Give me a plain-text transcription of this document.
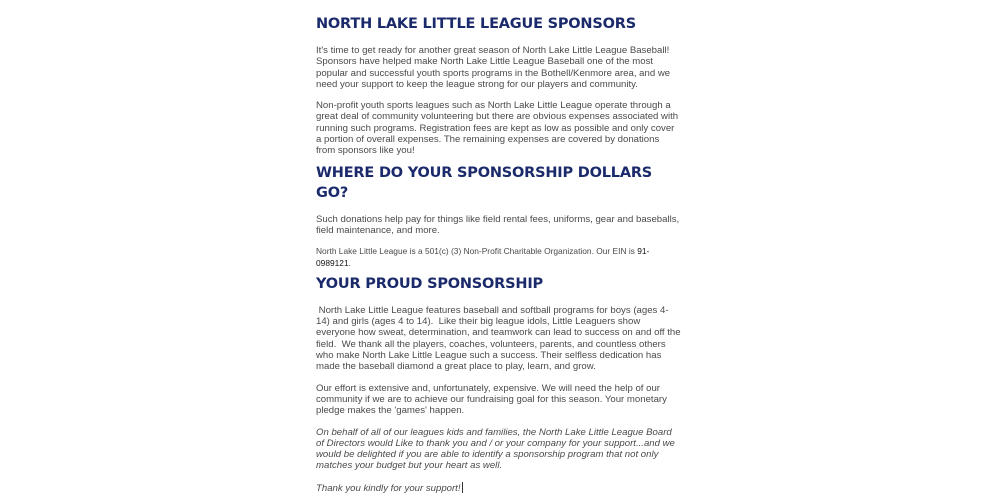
NORTH LAKE LITTLE LEAGUE SPONSORS

It's time to get ready for another great season of North Lake Little League Baseball! Sponsors have helped make North Lake Little League Baseball one of the most popular and successful youth sports programs in the Bothell/Kenmore area, and we need your support to keep the league strong for our players and community.

Non-profit youth sports leagues such as North Lake Little League operate through a great deal of community volunteering but there are obvious expenses associated with running such programs. Registration fees are kept as low as possible and only cover a portion of overall expenses. The remaining expenses are covered by donations from sponsors like you!

WHERE DO YOUR SPONSORSHIP DOLLARS GO?

Such donations help pay for things like field rental fees, uniforms, gear and baseballs, field maintenance, and more.

North Lake Little League is a 501(c) (3) Non-Profit Charitable Organization. Our EIN is 91-0989121.

YOUR PROUD SPONSORSHIP

North Lake Little League features baseball and softball programs for boys (ages 4-14) and girls (ages 4 to 14).  Like their big league idols, Little Leaguers show everyone how sweat, determination, and teamwork can lead to success on and off the field.  We thank all the players, coaches, volunteers, parents, and countless others who make North Lake Little League such a success. Their selfless dedication has made the baseball diamond a great place to play, learn, and grow.

Our effort is extensive and, unfortunately, expensive. We will need the help of our community if we are to achieve our fundraising goal for this season. Your monetary pledge makes the 'games' happen.

On behalf of all of our leagues kids and families, the North Lake Little League Board of Directors would Like to thank you and / or your company for your support...and we would be delighted if you are able to identify a sponsorship program that not only matches your budget but your heart as well.

Thank you kindly for your support!
